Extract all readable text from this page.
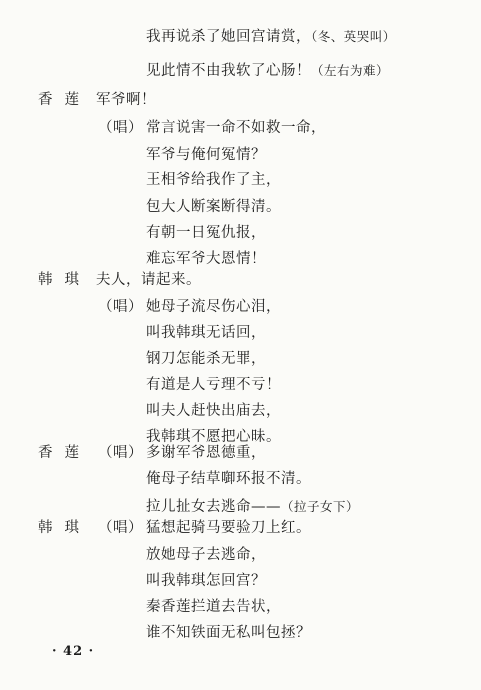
我再说杀了她回宫请赏，（冬、英哭叫）
见此情不由我软了心肠！（左右为难）
香莲 军爷啊！
（唱） 常言说害一命不如救一命，
军爷与俺何冤情？
王相爷给我作了主，
包大人断案断得清。
有朝一日冤仇报，
难忘军爷大恩情！
韩琪 夫人，请起来。
（唱） 她母子流尽伤心泪，
叫我韩琪无话回，
钢刀怎能杀无罪，
有道是人亏理不亏！
叫夫人赶快出庙去，
我韩琪不愿把心昧。
香莲 （唱） 多谢军爷恩德重，
俺母子结草啣环报不清。
拉儿扯女去逃命——（拉子女下）
韩琪 （唱） 猛想起骑马要验刀上红。
放她母子去逃命，
叫我韩琪怎回宫？
秦香莲拦道去告状，
谁不知铁面无私叫包拯？
· 42 ·
